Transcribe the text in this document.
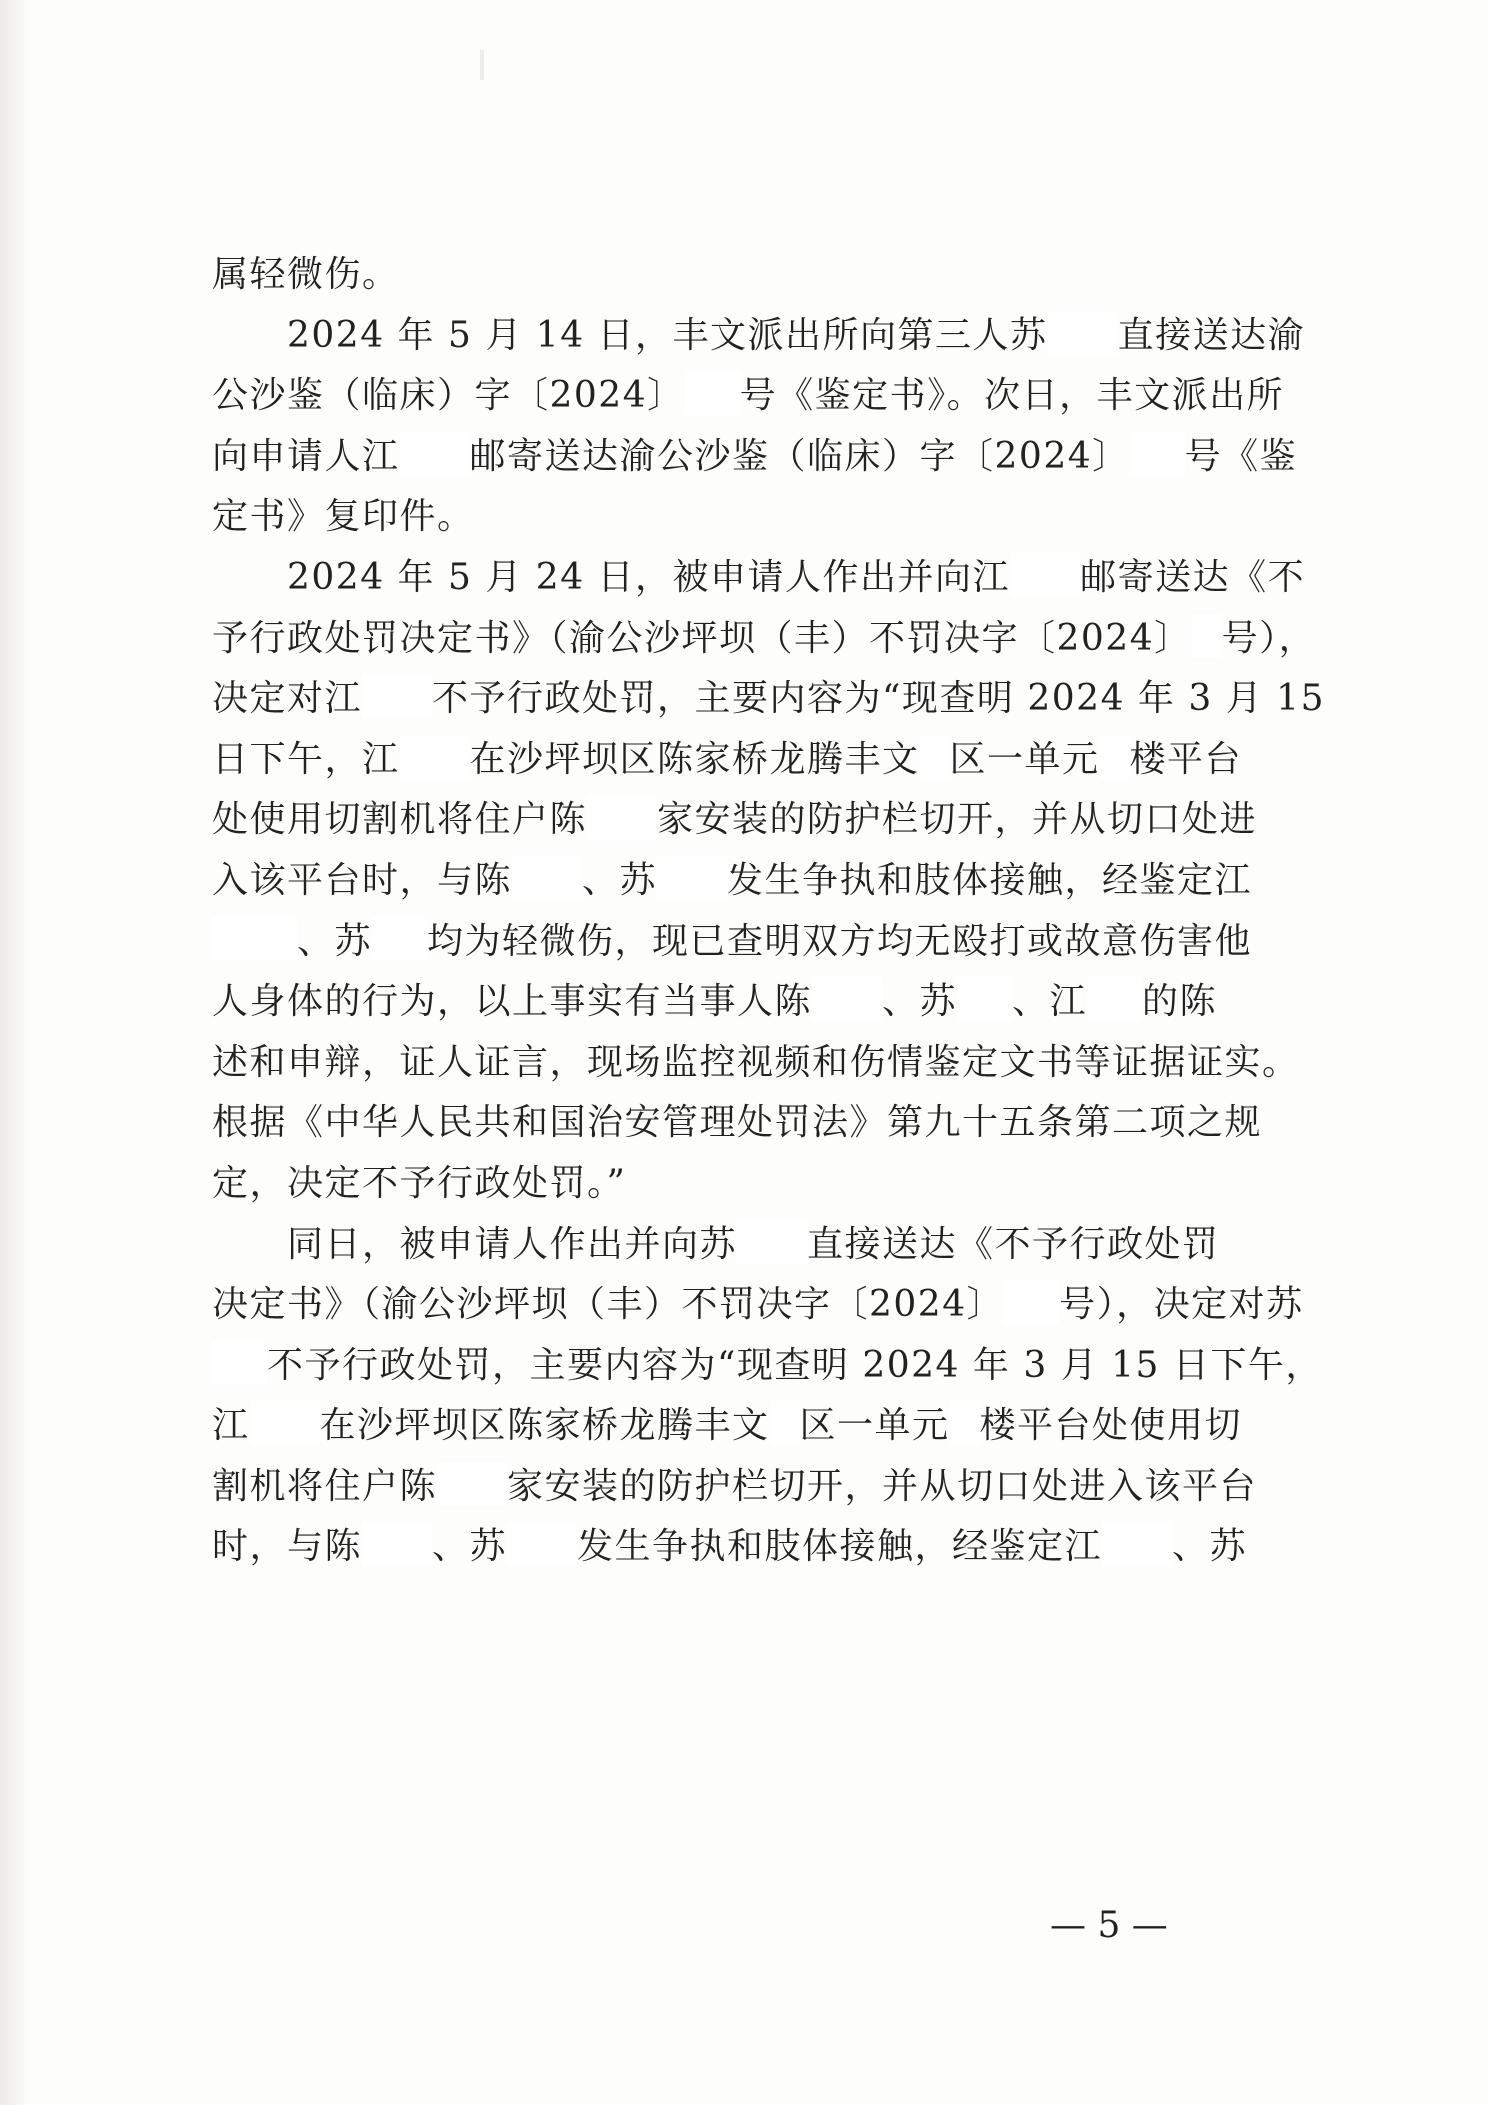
属轻微伤。
　　2024 年 5 月 14 日，丰文派出所向第三人苏 直接送达渝
公沙鉴（临床）字〔2024〕 号《鉴定书》。次日，丰文派出所
向申请人江 邮寄送达渝公沙鉴（临床）字〔2024〕 号《鉴
定书》复印件。
　　2024 年 5 月 24 日，被申请人作出并向江 邮寄送达《不
予行政处罚决定书》（渝公沙坪坝（丰）不罚决字〔2024〕 号），
决定对江 不予行政处罚，主要内容为“现查明 2024 年 3 月 15
日下午，江 在沙坪坝区陈家桥龙腾丰文 区一单元 楼平台
处使用切割机将住户陈 家安装的防护栏切开，并从切口处进
入该平台时，与陈 、苏 发生争执和肢体接触，经鉴定江
、苏 均为轻微伤，现已查明双方均无殴打或故意伤害他
人身体的行为，以上事实有当事人陈 、苏 、江 的陈
述和申辩，证人证言，现场监控视频和伤情鉴定文书等证据证实。
根据《中华人民共和国治安管理处罚法》第九十五条第二项之规
定，决定不予行政处罚。”
　　同日，被申请人作出并向苏 直接送达《不予行政处罚
决定书》（渝公沙坪坝（丰）不罚决字〔2024〕 号），决定对苏
不予行政处罚，主要内容为“现查明 2024 年 3 月 15 日下午，
江 在沙坪坝区陈家桥龙腾丰文 区一单元 楼平台处使用切
割机将住户陈 家安装的防护栏切开，并从切口处进入该平台
时，与陈 、苏 发生争执和肢体接触，经鉴定江 、苏
— 5 —
